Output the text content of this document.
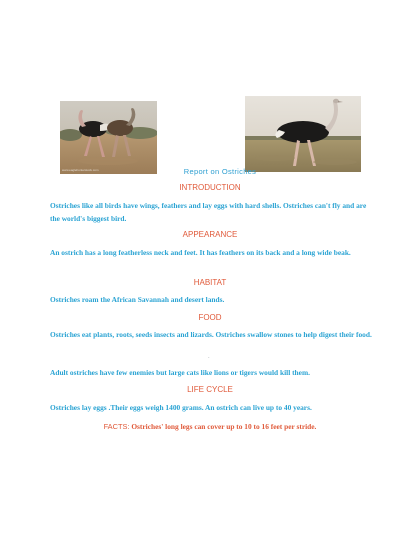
www.eaglehunterstock.com	Report on Ostriches
INTRODUCTION
Ostriches like all birds have wings, feathers and lay eggs with hard shells. Ostriches can't fly and are the world's biggest bird.
APPEARANCE
An ostrich has a long featherless neck and feet. It has feathers on its back and a long wide beak.
HABITAT
Ostriches roam the African Savannah and desert lands.
FOOD
Ostriches eat plants, roots, seeds insects and lizards. Ostriches swallow stones to help digest their food.
.
Adult ostriches have few enemies but large cats like lions or tigers would kill them.
LIFE CYCLE
Ostriches lay eggs .Their eggs weigh 1400 grams. An ostrich can live up to 40 years.
FACTS: Ostriches' long legs can cover up to 10 to 16 feet per stride.
